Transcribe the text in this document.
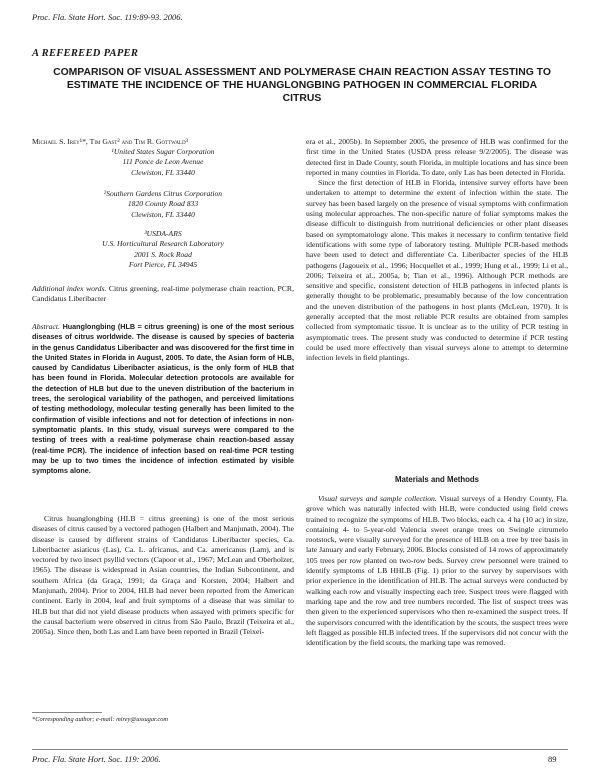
Proc. Fla. State Hort. Soc. 119:89-93. 2006.
A REFEREED PAPER
COMPARISON OF VISUAL ASSESSMENT AND POLYMERASE CHAIN REACTION ASSAY TESTING TO ESTIMATE THE INCIDENCE OF THE HUANGLONGBING PATHOGEN IN COMMERCIAL FLORIDA CITRUS
Michael S. Irey¹*, Tim Gast² and Tim R. Gottwald³
¹United States Sugar Corporation
111 Ponce de Leon Avenue
Clewiston, FL 33440
²Southern Gardens Citrus Corporation
1820 County Road 833
Clewiston, FL 33440
³USDA-ARS
U.S. Horticultural Research Laboratory
2001 S. Rock Road
Fort Pierce, FL 34945
Additional index words. Citrus greening, real-time polymerase chain reaction, PCR, Candidatus Liberibacter
Abstract. Huanglongbing (HLB = citrus greening) is one of the most serious diseases of citrus worldwide. The disease is caused by species of bacteria in the genus Candidatus Liberibacter and was discovered for the first time in the United States in Florida in August, 2005. To date, the Asian form of HLB, caused by Candidatus Liberibacter asiaticus, is the only form of HLB that has been found in Florida. Molecular detection protocols are available for the detection of HLB but due to the uneven distribution of the bacterium in trees, the serological variability of the pathogen, and perceived limitations of testing methodology, molecular testing generally has been limited to the confirmation of visible infections and not for detection of infections in non-symptomatic plants. In this study, visual surveys were compared to the testing of trees with a real-time polymerase chain reaction-based assay (real-time PCR). The incidence of infection based on real-time PCR testing may be up to two times the incidence of infection estimated by visible symptoms alone.

Citrus huanglongbing (HLB = citrus greening) is one of the most serious diseases of citrus caused by a vectored pathogen (Halbert and Manjunath, 2004). The disease is caused by different strains of Candidatus Liberibacter species, Ca. Liberibacter asiaticus (Las), Ca. L. africanus, and Ca. americanus (Lam), and is vectored by two insect psyllid vectors (Capoor et al., 1967; McLean and Oberholzer, 1965). The disease is widespread in Asian countries, the Indian Subcontinent, and southern Africa (da Graça, 1991; da Graça and Korsten, 2004; Halbert and Manjunath, 2004). Prior to 2004, HLB had never been reported from the American continent. Early in 2004, leaf and fruit symptoms of a disease that was similar to HLB but that did not yield disease products when assayed with primers specific for the causal bacterium were observed in citrus from São Paulo, Brazil (Teixeira et al., 2005a). Since then, both Las and Lam have been reported in Brazil (Teixei-

*Corresponding author; e-mail: mirey@ussugar.com

era et al., 2005b). In September 2005, the presence of HLB was confirmed for the first time in the United States (USDA press release 9/2/2005). The disease was detected first in Dade County, south Florida, in multiple locations and has since been reported in many counties in Florida. To date, only Las has been detected in Florida.

Since the first detection of HLB in Florida, intensive survey efforts have been undertaken to attempt to determine the extent of infection within the state. The survey has been based largely on the presence of visual symptoms with confirmation using molecular approaches. The non-specific nature of foliar symptoms makes the disease difficult to distinguish from nutritional deficiencies or other plant diseases based on symptomatology alone. This makes it necessary to confirm tentative field identifications with some type of laboratory testing. Multiple PCR-based methods have been used to detect and differentiate Ca. Liberibacter species of the HLB pathogens (Jagoueix et al., 1996; Hocquellet et al., 1999; Hung et al., 1999; Li et al., 2006; Teixeira et al., 2005a, b; Tian et al., 1996). Although PCR methods are sensitive and specific, consistent detection of HLB pathogens in infected plants is generally thought to be problematic, presumably because of the low concentration and the uneven distribution of the pathogens in host plants (McLean, 1970). It is generally accepted that the most reliable PCR results are obtained from samples collected from symptomatic tissue. It is unclear as to the utility of PCR testing in asymptomatic trees. The present study was conducted to determine if PCR testing could be used more effectively than visual surveys alone to attempt to determine infection levels in field plantings.

Materials and Methods

Visual surveys and sample collection. Visual surveys of a Hendry County, Fla. grove which was naturally infected with HLB, were conducted using field crews trained to recognize the symptoms of HLB. Two blocks, each ca. 4 ha (10 ac) in size, containing 4- to 5-year-old Valencia sweet orange trees on Swingle citrumelo rootstock, were visually surveyed for the presence of HLB on a tree by tree basis in late January and early February, 2006. Blocks consisted of 14 rows of approximately 105 trees per row planted on two-row beds. Survey crew personnel were trained to identify symptoms of LB HHLB (Fig. 1) prior to the survey by supervisors with prior experience in the identification of HLB. The actual surveys were conducted by walking each row and visually inspecting each tree. Suspect trees were flagged with marking tape and the row and tree numbers recorded. The list of suspect trees was then given to the experienced supervisors who then re-examined the suspect trees. If the supervisors concurred with the identification by the scouts, the suspect trees were left flagged as possible HLB infected trees. If the supervisors did not concur with the identification by the field scouts, the marking tape was removed.

Proc. Fla. State Hort. Soc. 119: 2006.	89
